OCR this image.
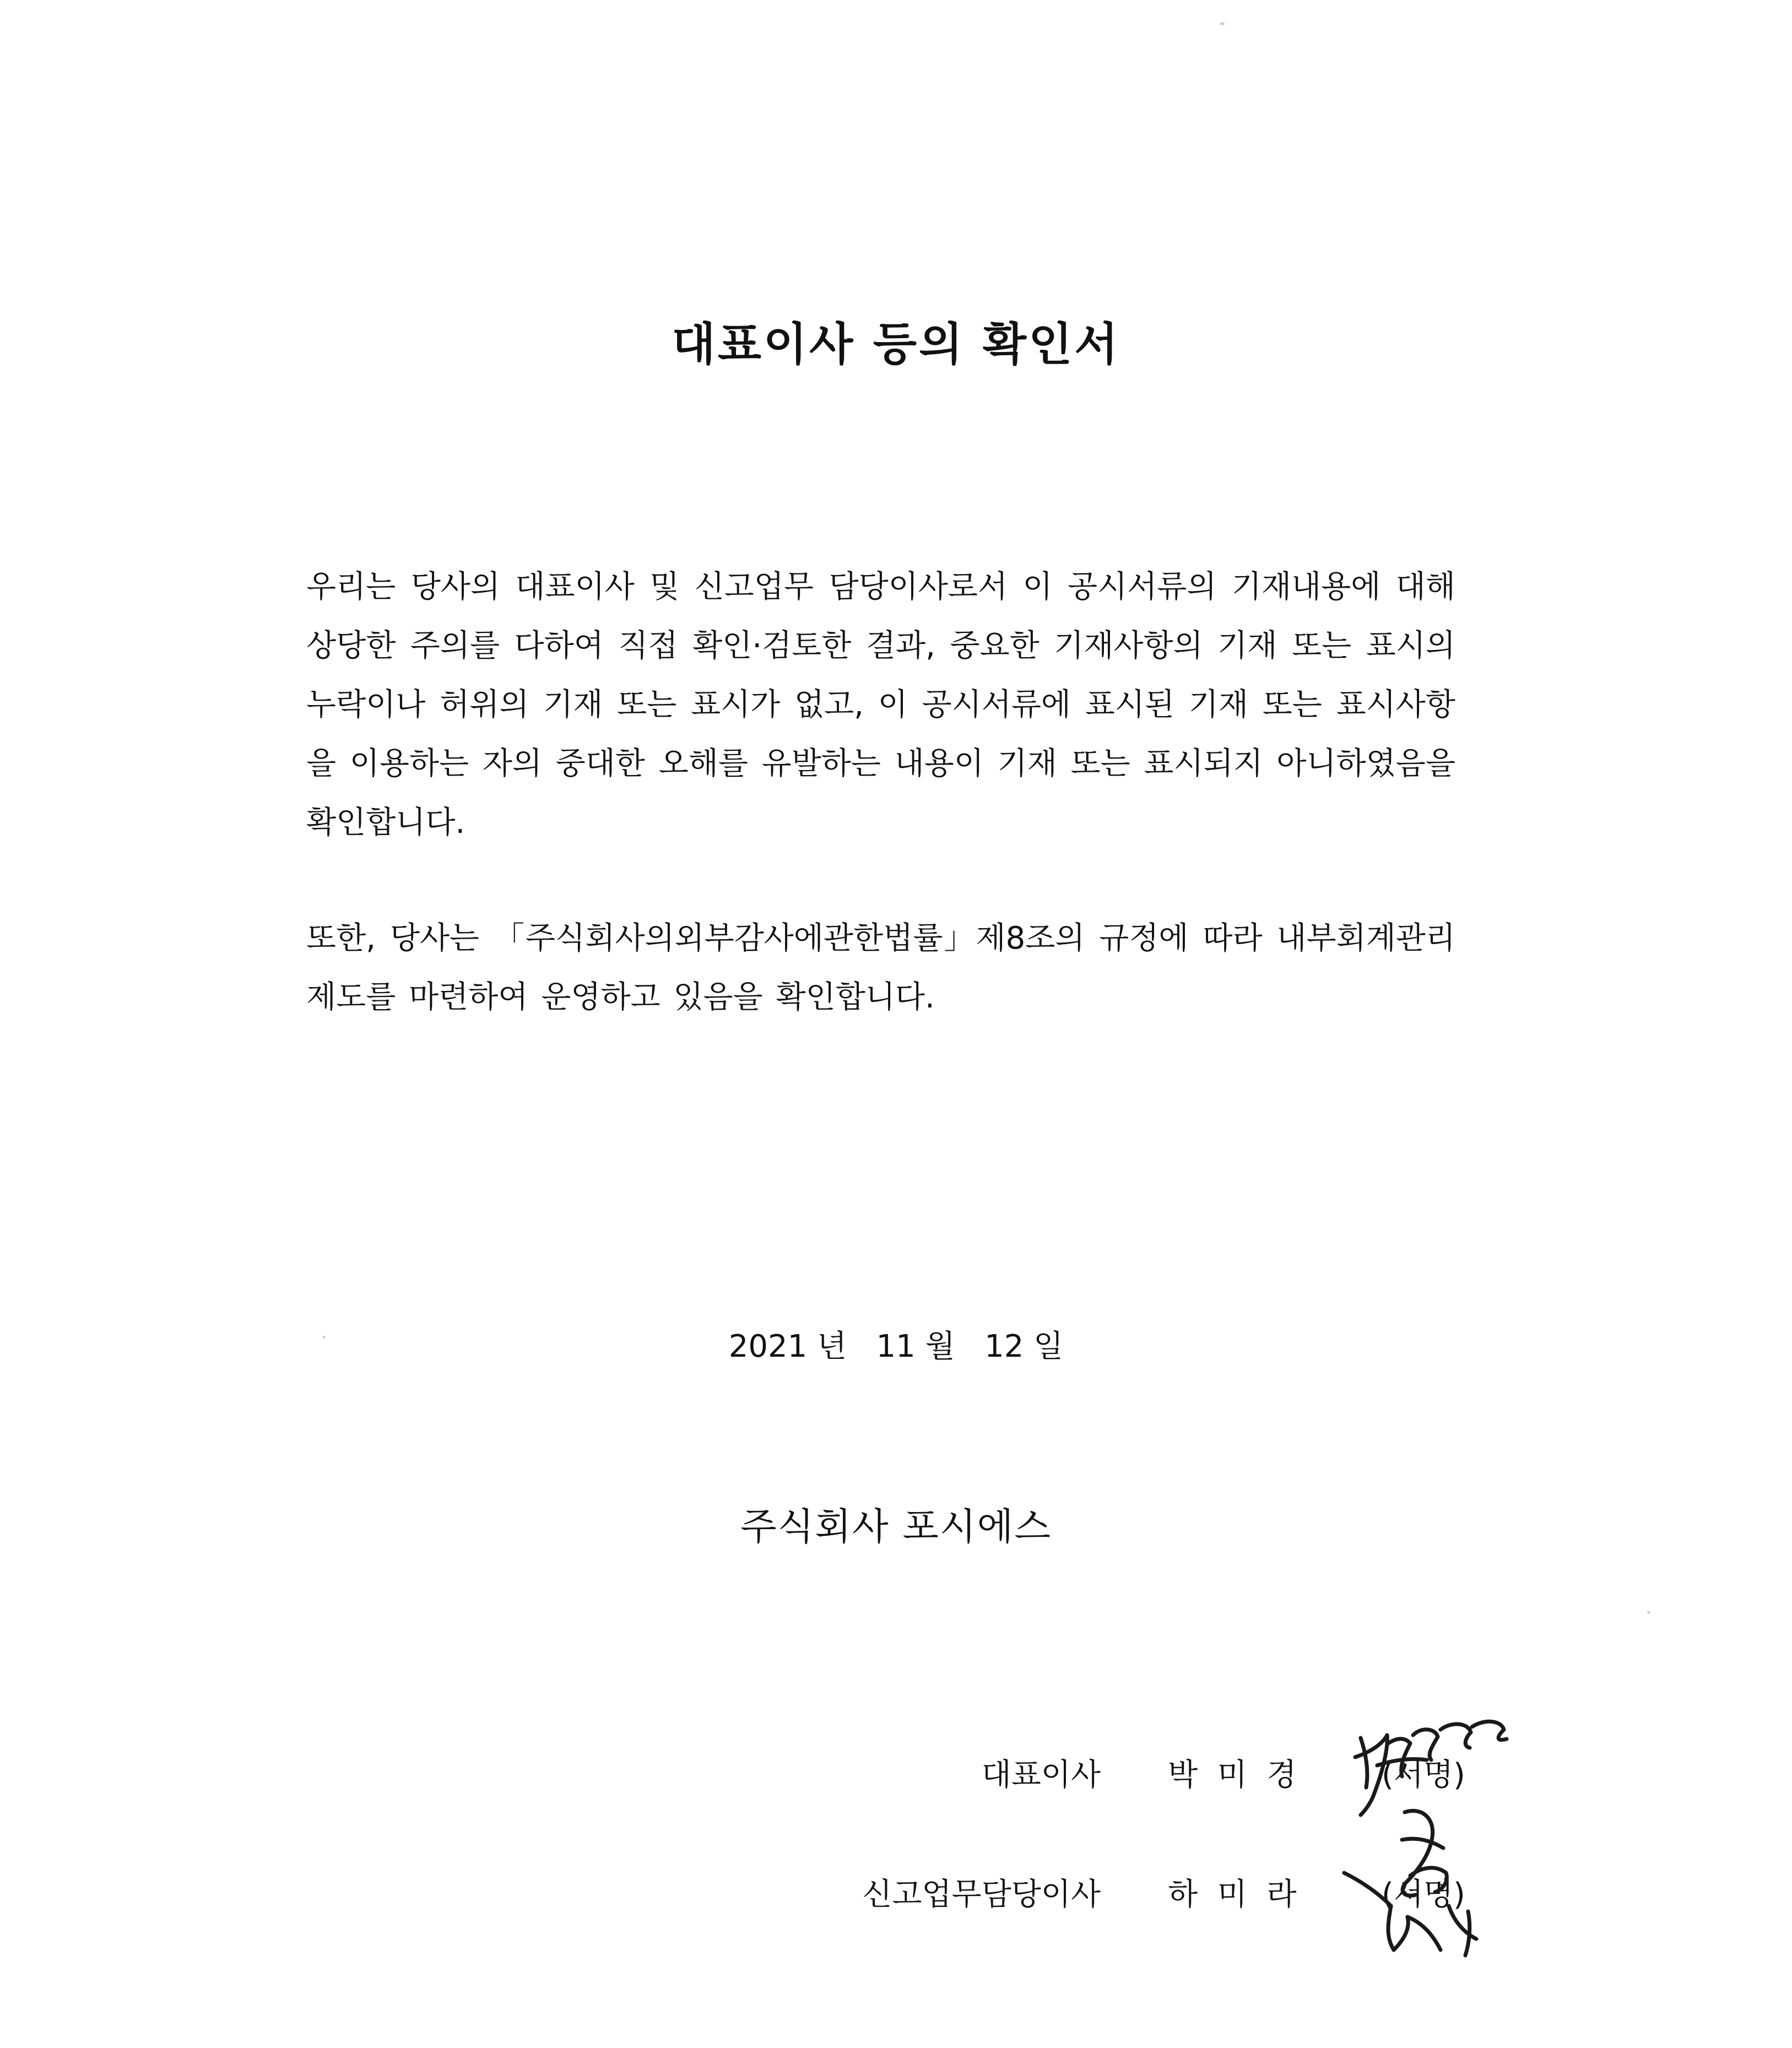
대표이사 등의 확인서

우리는 당사의 대표이사 및 신고업무 담당이사로서 이 공시서류의 기재내용에 대해 상당한 주의를 다하여 직접 확인·검토한 결과, 중요한 기재사항의 기재 또는 표시의 누락이나 허위의 기재 또는 표시가 없고, 이 공시서류에 표시된 기재 또는 표시사항을 이용하는 자의 중대한 오해를 유발하는 내용이 기재 또는 표시되지 아니하였음을 확인합니다.

또한, 당사는 「주식회사의외부감사에관한법률」제8조의 규정에 따라 내부회계관리제도를 마련하여 운영하고 있음을 확인합니다.

2021 년   11 월   12 일

주식회사 포시에스

대표이사 박  미  경	(서명)
신고업무담당이사 하  미  라	(서명)
